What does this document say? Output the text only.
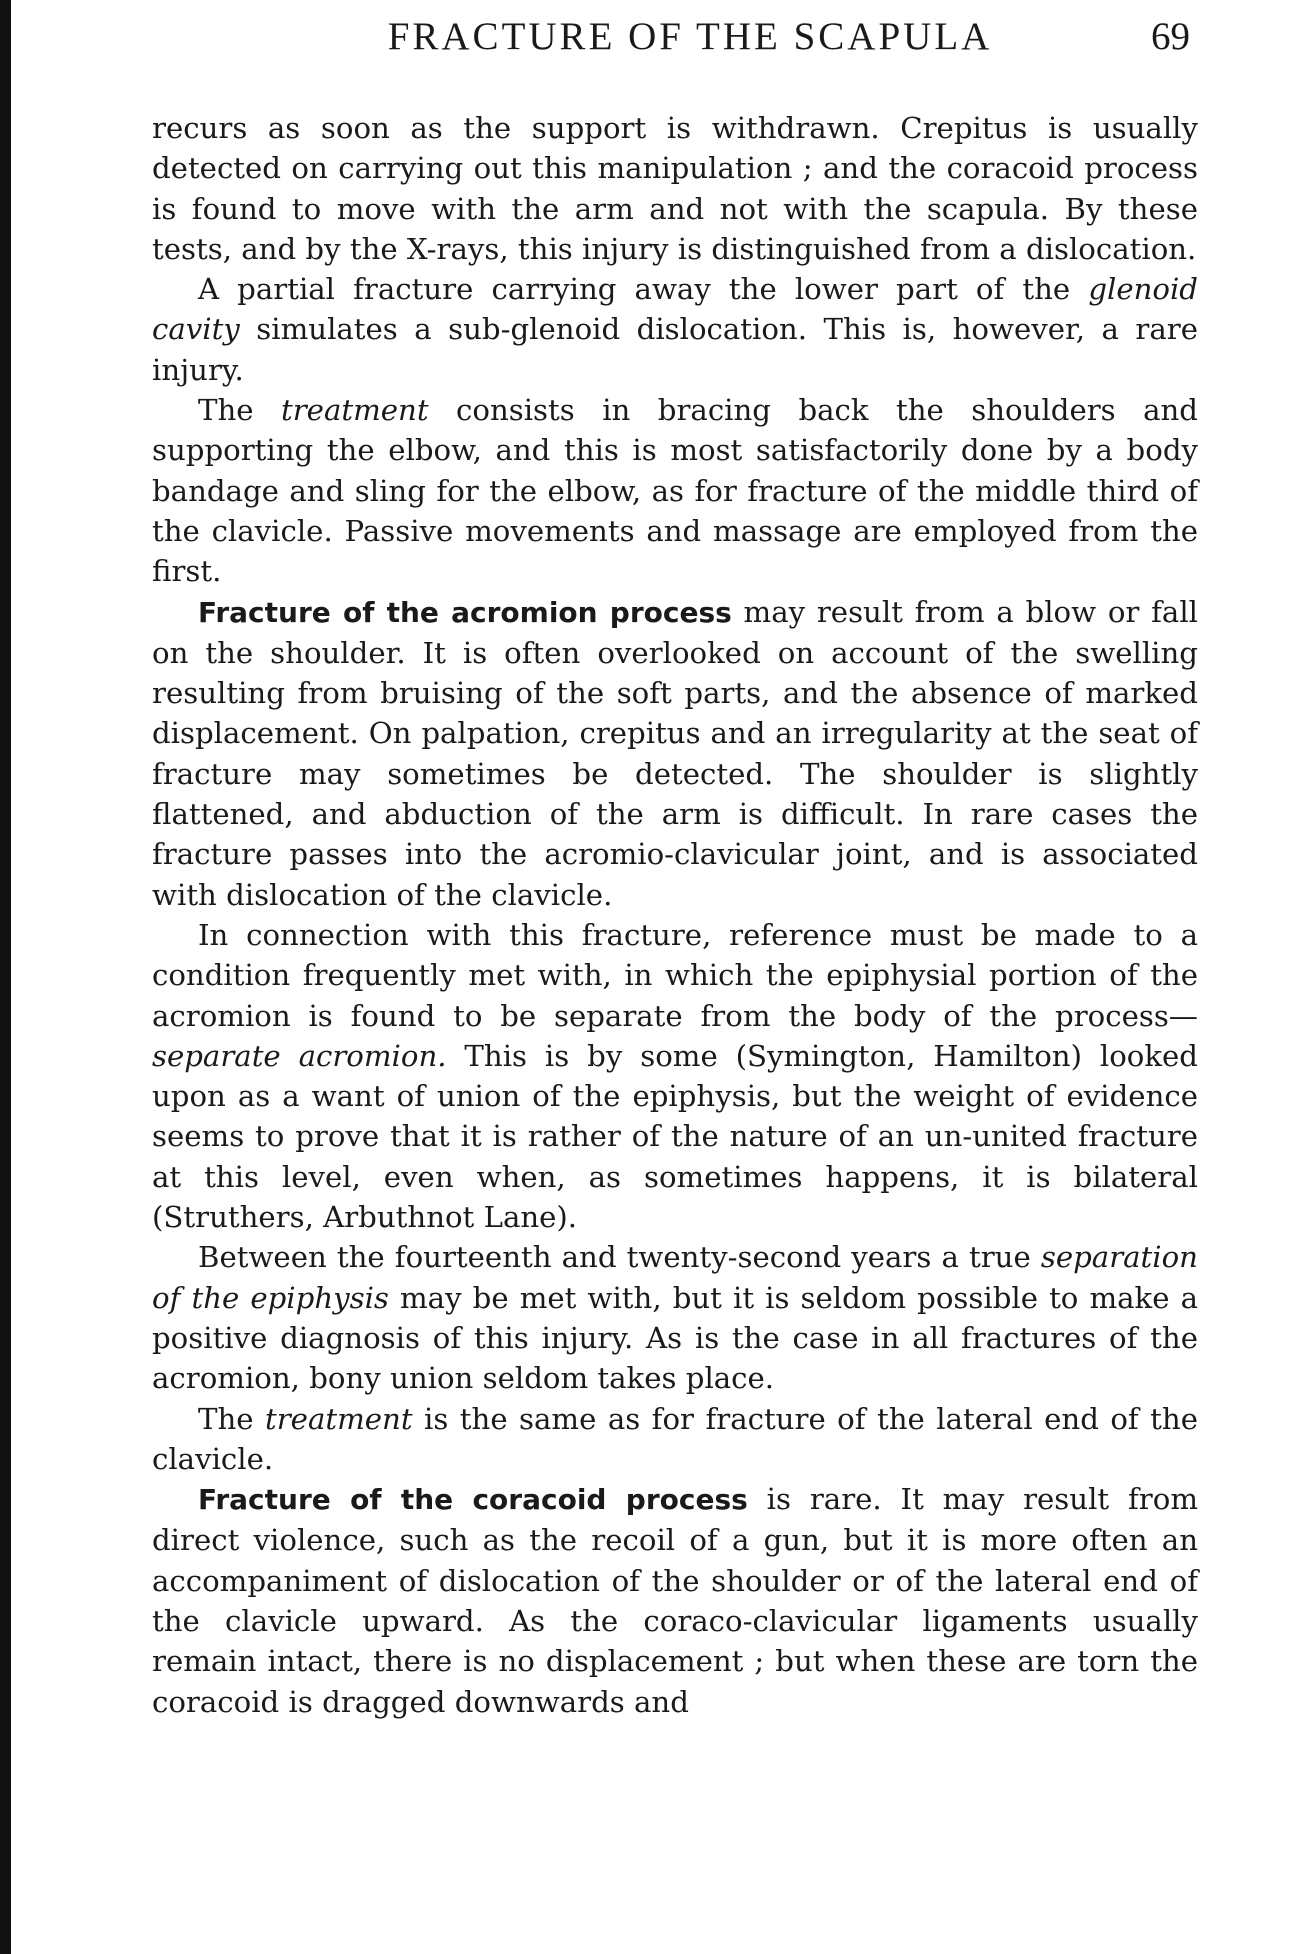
FRACTURE OF THE SCAPULA	69

recurs as soon as the support is withdrawn. Crepitus is usually detected on carrying out this manipulation ; and the coracoid process is found to move with the arm and not with the scapula. By these tests, and by the X-rays, this injury is distinguished from a dislocation.

A partial fracture carrying away the lower part of the glenoid cavity simulates a sub-glenoid dislocation. This is, however, a rare injury.

The treatment consists in bracing back the shoulders and supporting the elbow, and this is most satisfactorily done by a body bandage and sling for the elbow, as for fracture of the middle third of the clavicle. Passive movements and massage are employed from the first.

Fracture of the acromion process may result from a blow or fall on the shoulder. It is often overlooked on account of the swelling resulting from bruising of the soft parts, and the absence of marked displacement. On palpation, crepitus and an irregularity at the seat of fracture may sometimes be detected. The shoulder is slightly flattened, and abduction of the arm is difficult. In rare cases the fracture passes into the acromio-clavicular joint, and is associated with dislocation of the clavicle.

In connection with this fracture, reference must be made to a condition frequently met with, in which the epiphysial portion of the acromion is found to be separate from the body of the process—separate acromion. This is by some (Symington, Hamilton) looked upon as a want of union of the epiphysis, but the weight of evidence seems to prove that it is rather of the nature of an un-united fracture at this level, even when, as sometimes happens, it is bilateral (Struthers, Arbuthnot Lane).

Between the fourteenth and twenty-second years a true separation of the epiphysis may be met with, but it is seldom possible to make a positive diagnosis of this injury. As is the case in all fractures of the acromion, bony union seldom takes place.

The treatment is the same as for fracture of the lateral end of the clavicle.

Fracture of the coracoid process is rare. It may result from direct violence, such as the recoil of a gun, but it is more often an accompaniment of dislocation of the shoulder or of the lateral end of the clavicle upward. As the coraco-clavicular ligaments usually remain intact, there is no displacement ; but when these are torn the coracoid is dragged downwards and
